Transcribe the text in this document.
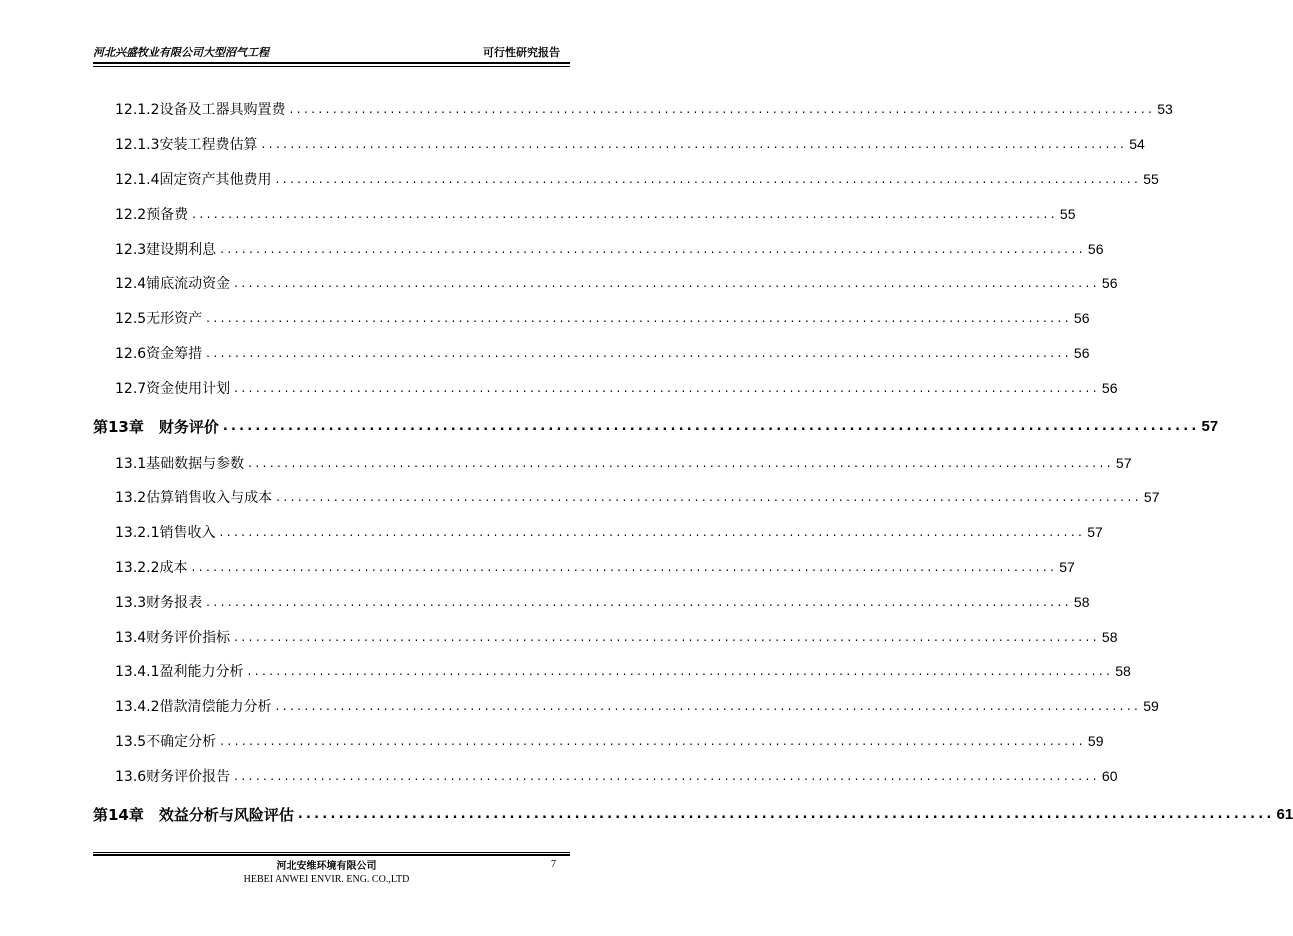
河北兴盛牧业有限公司大型沼气工程	可行性研究报告
12.1.2设备及工器具购置费 ........................................................................................................................ 53
12.1.3安装工程费估算 ........................................................................................................................ 54
12.1.4固定资产其他费用 ........................................................................................................................ 55
12.2预备费 ........................................................................................................................ 55
12.3建设期利息 ........................................................................................................................ 56
12.4铺底流动资金 ........................................................................................................................ 56
12.5无形资产 ........................................................................................................................ 56
12.6资金筹措 ........................................................................................................................ 56
12.7资金使用计划 ........................................................................................................................ 56
第13章　财务评价 ........................................................................................................................ 57
13.1基础数据与参数 ........................................................................................................................ 57
13.2估算销售收入与成本 ........................................................................................................................ 57
13.2.1销售收入 ........................................................................................................................ 57
13.2.2成本 ........................................................................................................................ 57
13.3财务报表 ........................................................................................................................ 58
13.4财务评价指标 ........................................................................................................................ 58
13.4.1盈利能力分析 ........................................................................................................................ 58
13.4.2借款清偿能力分析 ........................................................................................................................ 59
13.5不确定分析 ........................................................................................................................ 59
13.6财务评价报告 ........................................................................................................................ 60
第14章　效益分析与风险评估 ........................................................................................................................ 61
河北安维环境有限公司
HEBEI ANWEI ENVIR. ENG. CO.,LTD
7
